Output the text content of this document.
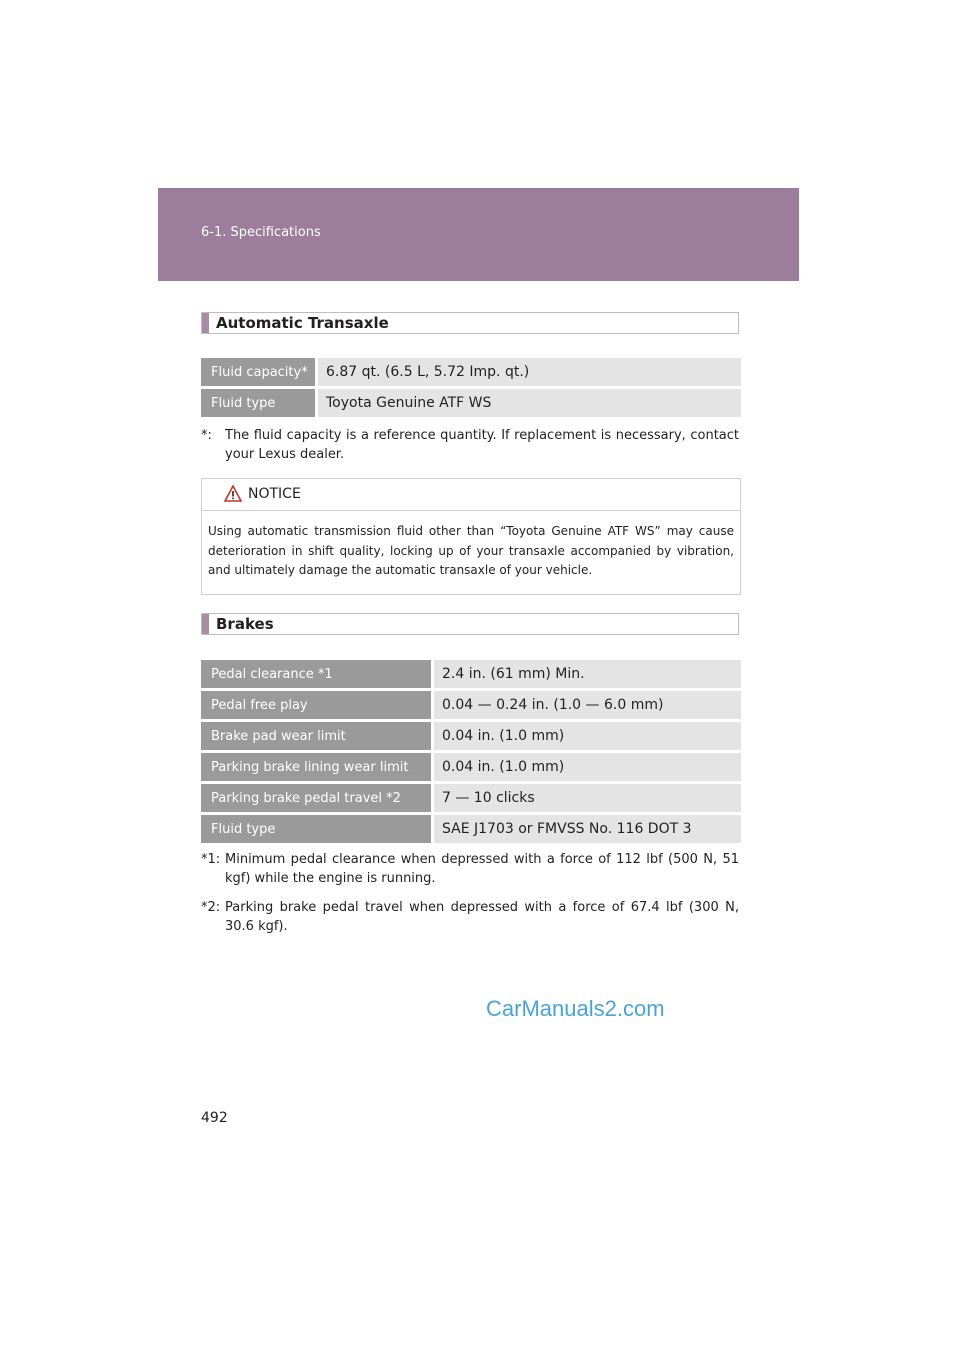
6-1. Specifications
Automatic Transaxle
Fluid capacity*	6.87 qt. (6.5 L, 5.72 Imp. qt.)
Fluid type	Toyota Genuine ATF WS
*:	The fluid capacity is a reference quantity. If replacement is necessary, contact your Lexus dealer.
NOTICE
Using automatic transmission fluid other than “Toyota Genuine ATF WS” may cause deterioration in shift quality, locking up of your transaxle accompanied by vibration, and ultimately damage the automatic transaxle of your vehicle.
Brakes
Pedal clearance *1	2.4 in. (61 mm) Min.
Pedal free play	0.04 — 0.24 in. (1.0 — 6.0 mm)
Brake pad wear limit	0.04 in. (1.0 mm)
Parking brake lining wear limit	0.04 in. (1.0 mm)
Parking brake pedal travel *2	7 — 10 clicks
Fluid type	SAE J1703 or FMVSS No. 116 DOT 3
*1: Minimum pedal clearance when depressed with a force of 112 lbf (500 N, 51 kgf) while the engine is running.
*2: Parking brake pedal travel when depressed with a force of 67.4 lbf (300 N, 30.6 kgf).
CarManuals2.com
492
